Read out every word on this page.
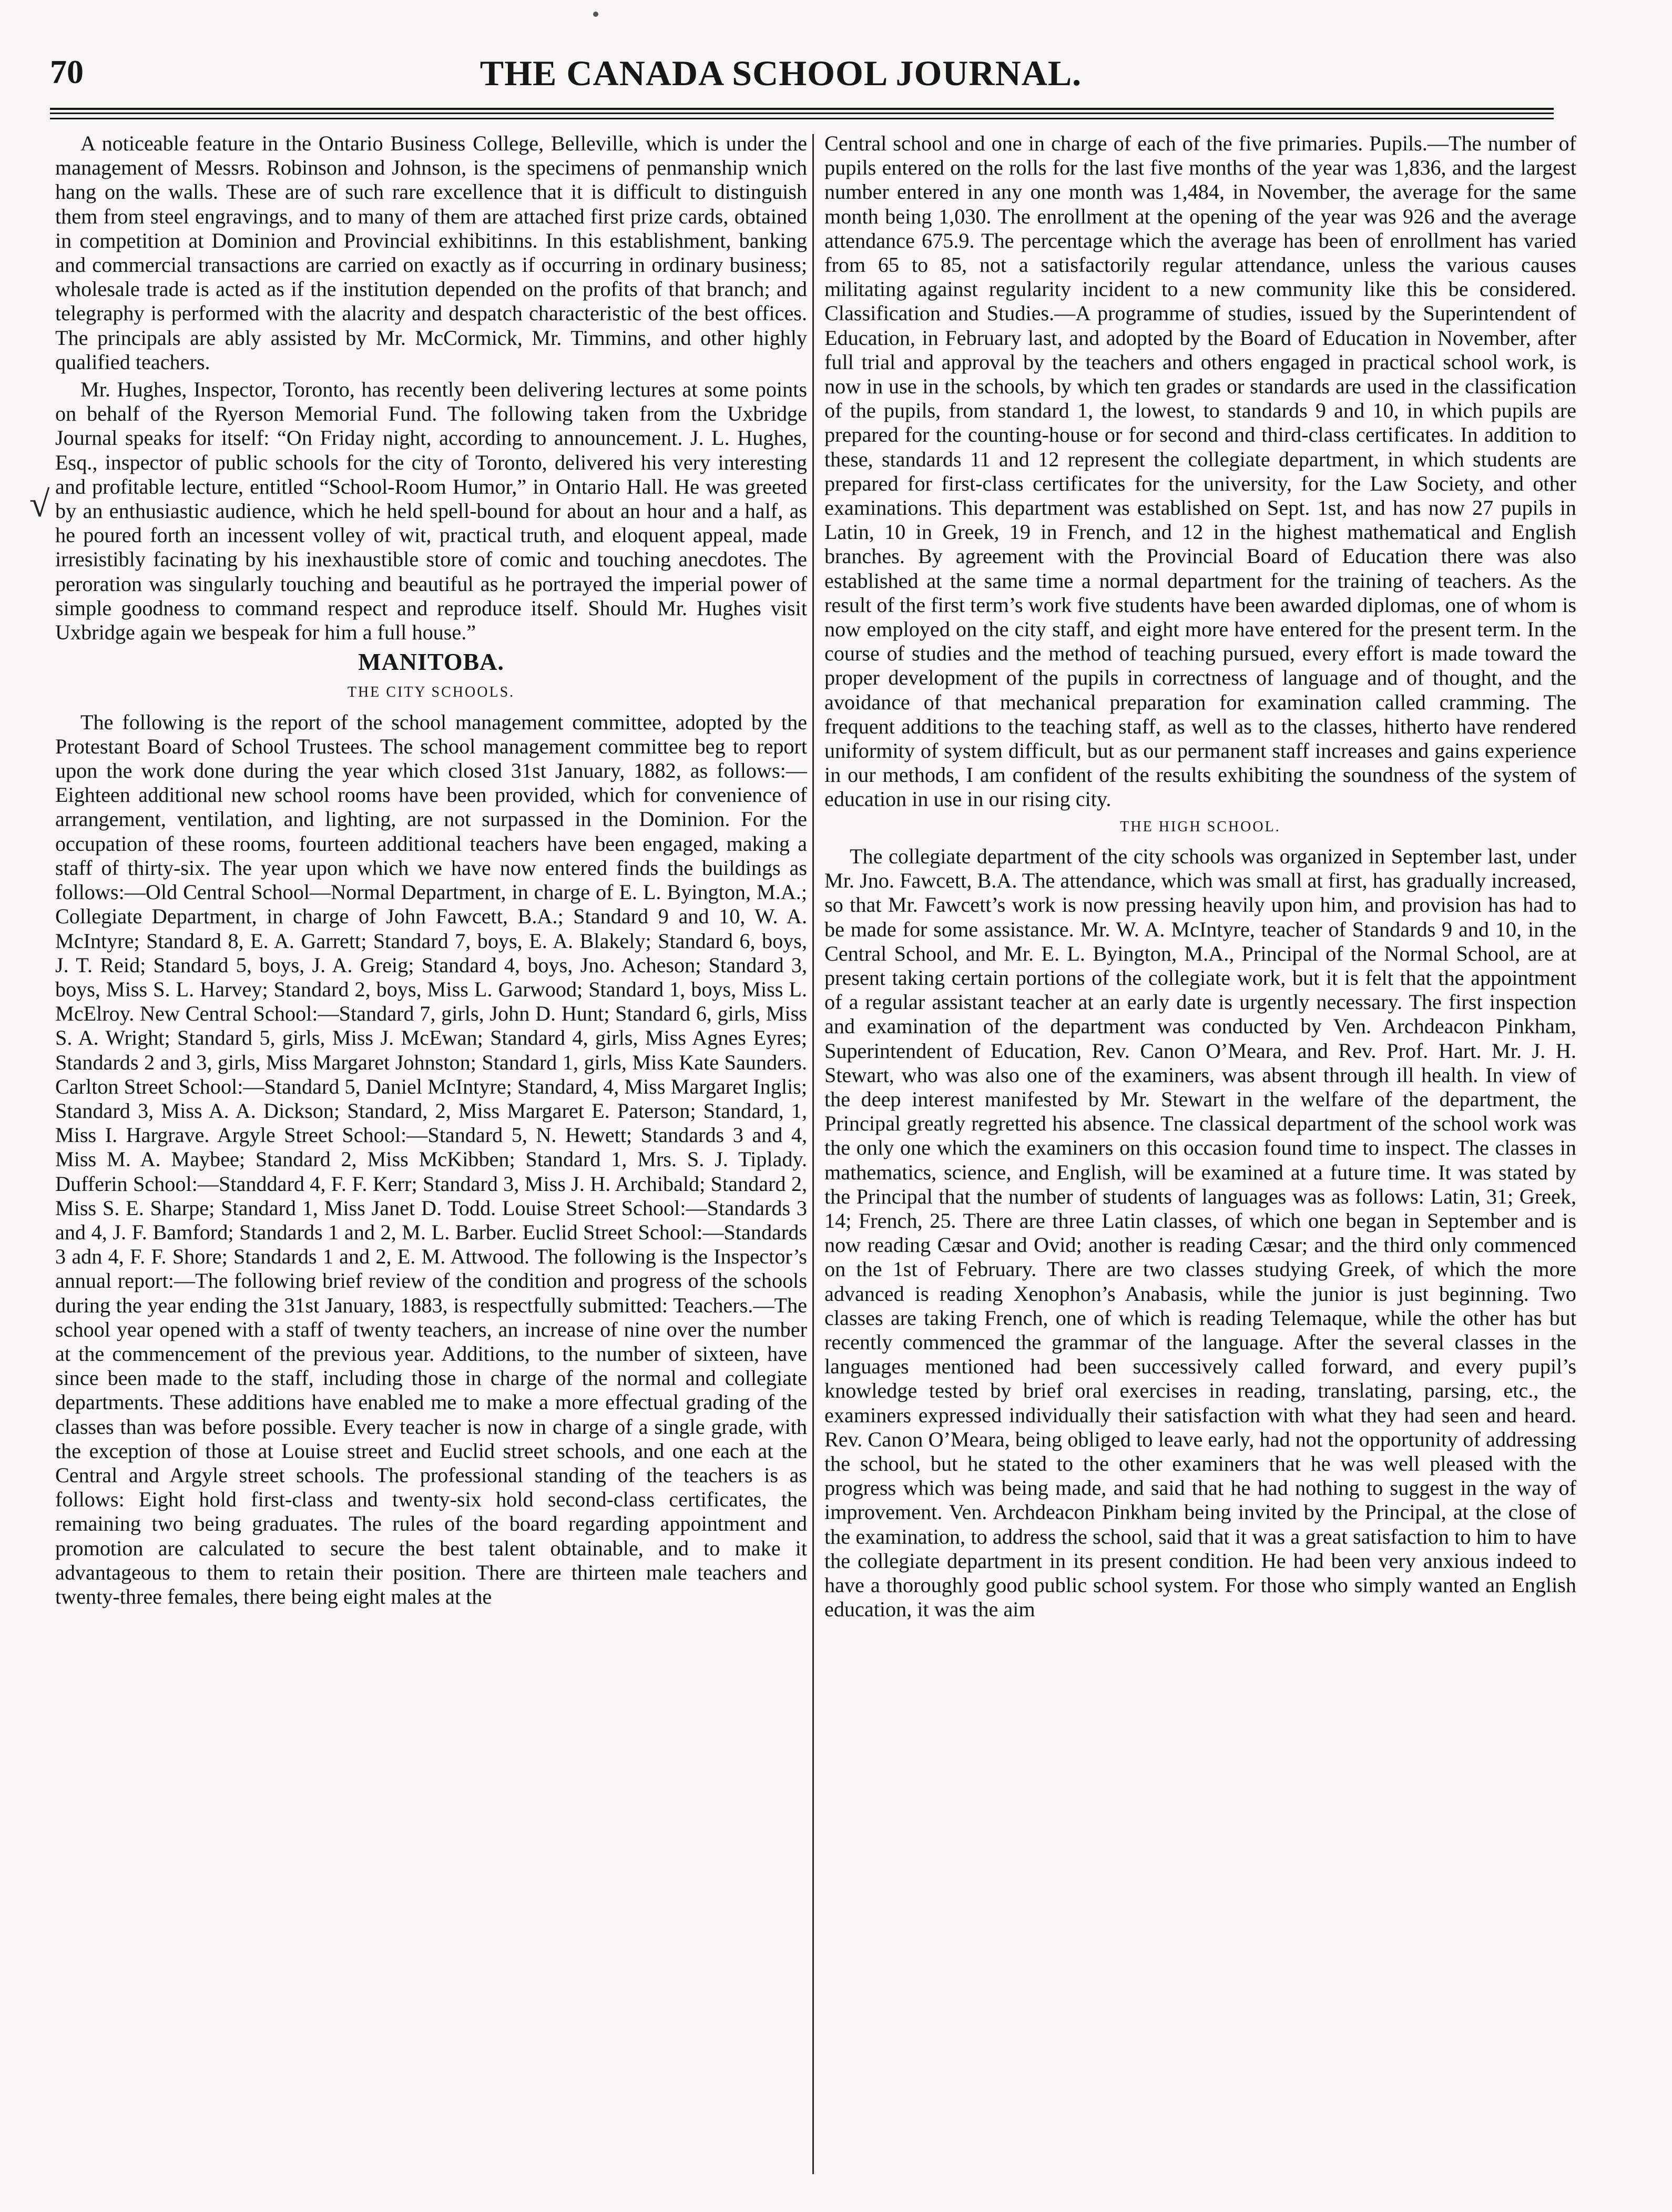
70	THE CANADA SCHOOL JOURNAL.
√

A noticeable feature in the Ontario Business College, Belleville, which is under the management of Messrs. Robinson and Johnson, is the specimens of penmanship wnich hang on the walls. These are of such rare excellence that it is difficult to distinguish them from steel engravings, and to many of them are attached first prize cards, obtained in competition at Dominion and Provincial exhibitinns. In this establishment, banking and commercial transactions are carried on exactly as if occurring in ordinary business; wholesale trade is acted as if the institution depended on the profits of that branch; and telegraphy is performed with the alacrity and despatch characteristic of the best offices. The principals are ably assisted by Mr. McCormick, Mr. Timmins, and other highly qualified teachers.

Mr. Hughes, Inspector, Toronto, has recently been delivering lectures at some points on behalf of the Ryerson Memorial Fund. The following taken from the Uxbridge Journal speaks for itself: “On Friday night, according to announcement. J. L. Hughes, Esq., inspector of public schools for the city of Toronto, delivered his very interesting and profitable lecture, entitled “School-Room Humor,” in Ontario Hall. He was greeted by an enthusiastic audience, which he held spell-bound for about an hour and a half, as he poured forth an incessent volley of wit, practical truth, and eloquent appeal, made irresistibly facinating by his inexhaustible store of comic and touching anecdotes. The peroration was singularly touching and beautiful as he portrayed the imperial power of simple goodness to command respect and reproduce itself. Should Mr. Hughes visit Uxbridge again we bespeak for him a full house.”

MANITOBA.
THE CITY SCHOOLS.

The following is the report of the school management committee, adopted by the Protestant Board of School Trustees. The school management committee beg to report upon the work done during the year which closed 31st January, 1882, as follows:—Eighteen additional new school rooms have been provided, which for convenience of arrangement, ventilation, and lighting, are not surpassed in the Dominion. For the occupation of these rooms, fourteen additional teachers have been engaged, making a staff of thirty-six. The year upon which we have now entered finds the buildings as follows:—Old Central School—Normal Department, in charge of E. L. Byington, M.A.; Collegiate Department, in charge of John Fawcett, B.A.; Standard 9 and 10, W. A. McIntyre; Standard 8, E. A. Garrett; Standard 7, boys, E. A. Blakely; Standard 6, boys, J. T. Reid; Standard 5, boys, J. A. Greig; Standard 4, boys, Jno. Acheson; Standard 3, boys, Miss S. L. Harvey; Standard 2, boys, Miss L. Garwood; Standard 1, boys, Miss L. McElroy. New Central School:—Standard 7, girls, John D. Hunt; Standard 6, girls, Miss S. A. Wright; Standard 5, girls, Miss J. McEwan; Standard 4, girls, Miss Agnes Eyres; Standards 2 and 3, girls, Miss Margaret Johnston; Standard 1, girls, Miss Kate Saunders. Carlton Street School:—Standard 5, Daniel McIntyre; Standard, 4, Miss Margaret Inglis; Standard 3, Miss A. A. Dickson; Standard, 2, Miss Margaret E. Paterson; Standard, 1, Miss I. Hargrave. Argyle Street School:—Standard 5, N. Hewett; Standards 3 and 4, Miss M. A. Maybee; Standard 2, Miss McKibben; Standard 1, Mrs. S. J. Tiplady. Dufferin School:—Standdard 4, F. F. Kerr; Standard 3, Miss J. H. Archibald; Standard 2, Miss S. E. Sharpe; Standard 1, Miss Janet D. Todd. Louise Street School:—Standards 3 and 4, J. F. Bamford; Standards 1 and 2, M. L. Barber. Euclid Street School:—Standards 3 adn 4, F. F. Shore; Standards 1 and 2, E. M. Attwood. The following is the Inspector’s annual report:—The following brief review of the condition and progress of the schools during the year ending the 31st January, 1883, is respectfully submitted: Teachers.—The school year opened with a staff of twenty teachers, an increase of nine over the number at the commencement of the previous year. Additions, to the number of sixteen, have since been made to the staff, including those in charge of the normal and collegiate departments. These additions have enabled me to make a more effectual grading of the classes than was before possible. Every teacher is now in charge of a single grade, with the exception of those at Louise street and Euclid street schools, and one each at the Central and Argyle street schools. The professional standing of the teachers is as follows: Eight hold first-class and twenty-six hold second-class certificates, the remaining two being graduates. The rules of the board regarding appointment and promotion are calculated to secure the best talent obtainable, and to make it advantageous to them to retain their position. There are thirteen male teachers and twenty-three females, there being eight males at the

Central school and one in charge of each of the five primaries. Pupils.—The number of pupils entered on the rolls for the last five months of the year was 1,836, and the largest number entered in any one month was 1,484, in November, the average for the same month being 1,030. The enrollment at the opening of the year was 926 and the average attendance 675.9. The percentage which the average has been of enrollment has varied from 65 to 85, not a satisfactorily regular attendance, unless the various causes militating against regularity incident to a new community like this be considered. Classification and Studies.—A programme of studies, issued by the Superintendent of Education, in February last, and adopted by the Board of Education in November, after full trial and approval by the teachers and others engaged in practical school work, is now in use in the schools, by which ten grades or standards are used in the classification of the pupils, from standard 1, the lowest, to standards 9 and 10, in which pupils are prepared for the counting-house or for second and third-class certificates. In addition to these, standards 11 and 12 represent the collegiate department, in which students are prepared for first-class certificates for the university, for the Law Society, and other examinations. This department was established on Sept. 1st, and has now 27 pupils in Latin, 10 in Greek, 19 in French, and 12 in the highest mathematical and English branches. By agreement with the Provincial Board of Education there was also established at the same time a normal department for the training of teachers. As the result of the first term’s work five students have been awarded diplomas, one of whom is now employed on the city staff, and eight more have entered for the present term. In the course of studies and the method of teaching pursued, every effort is made toward the proper development of the pupils in correctness of language and of thought, and the avoidance of that mechanical preparation for examination called cramming. The frequent additions to the teaching staff, as well as to the classes, hitherto have rendered uniformity of system difficult, but as our permanent staff increases and gains experience in our methods, I am confident of the results exhibiting the soundness of the system of education in use in our rising city.

THE HIGH SCHOOL.

The collegiate department of the city schools was organized in September last, under Mr. Jno. Fawcett, B.A. The attendance, which was small at first, has gradually increased, so that Mr. Fawcett’s work is now pressing heavily upon him, and provision has had to be made for some assistance. Mr. W. A. McIntyre, teacher of Standards 9 and 10, in the Central School, and Mr. E. L. Byington, M.A., Principal of the Normal School, are at present taking certain portions of the collegiate work, but it is felt that the appointment of a regular assistant teacher at an early date is urgently necessary. The first inspection and examination of the department was conducted by Ven. Archdeacon Pinkham, Superintendent of Education, Rev. Canon O’Meara, and Rev. Prof. Hart. Mr. J. H. Stewart, who was also one of the examiners, was absent through ill health. In view of the deep interest manifested by Mr. Stewart in the welfare of the department, the Principal greatly regretted his absence. Tne classical department of the school work was the only one which the examiners on this occasion found time to inspect. The classes in mathematics, science, and English, will be examined at a future time. It was stated by the Principal that the number of students of languages was as follows: Latin, 31; Greek, 14; French, 25. There are three Latin classes, of which one began in September and is now reading Cæsar and Ovid; another is reading Cæsar; and the third only commenced on the 1st of February. There are two classes studying Greek, of which the more advanced is reading Xenophon’s Anabasis, while the junior is just beginning. Two classes are taking French, one of which is reading Telemaque, while the other has but recently commenced the grammar of the language. After the several classes in the languages mentioned had been successively called forward, and every pupil’s knowledge tested by brief oral exercises in reading, translating, parsing, etc., the examiners expressed individually their satisfaction with what they had seen and heard. Rev. Canon O’Meara, being obliged to leave early, had not the opportunity of addressing the school, but he stated to the other examiners that he was well pleased with the progress which was being made, and said that he had nothing to suggest in the way of improvement. Ven. Archdeacon Pinkham being invited by the Principal, at the close of the examination, to address the school, said that it was a great satisfaction to him to have the collegiate department in its present condition. He had been very anxious indeed to have a thoroughly good public school system. For those who simply wanted an English education, it was the aim
